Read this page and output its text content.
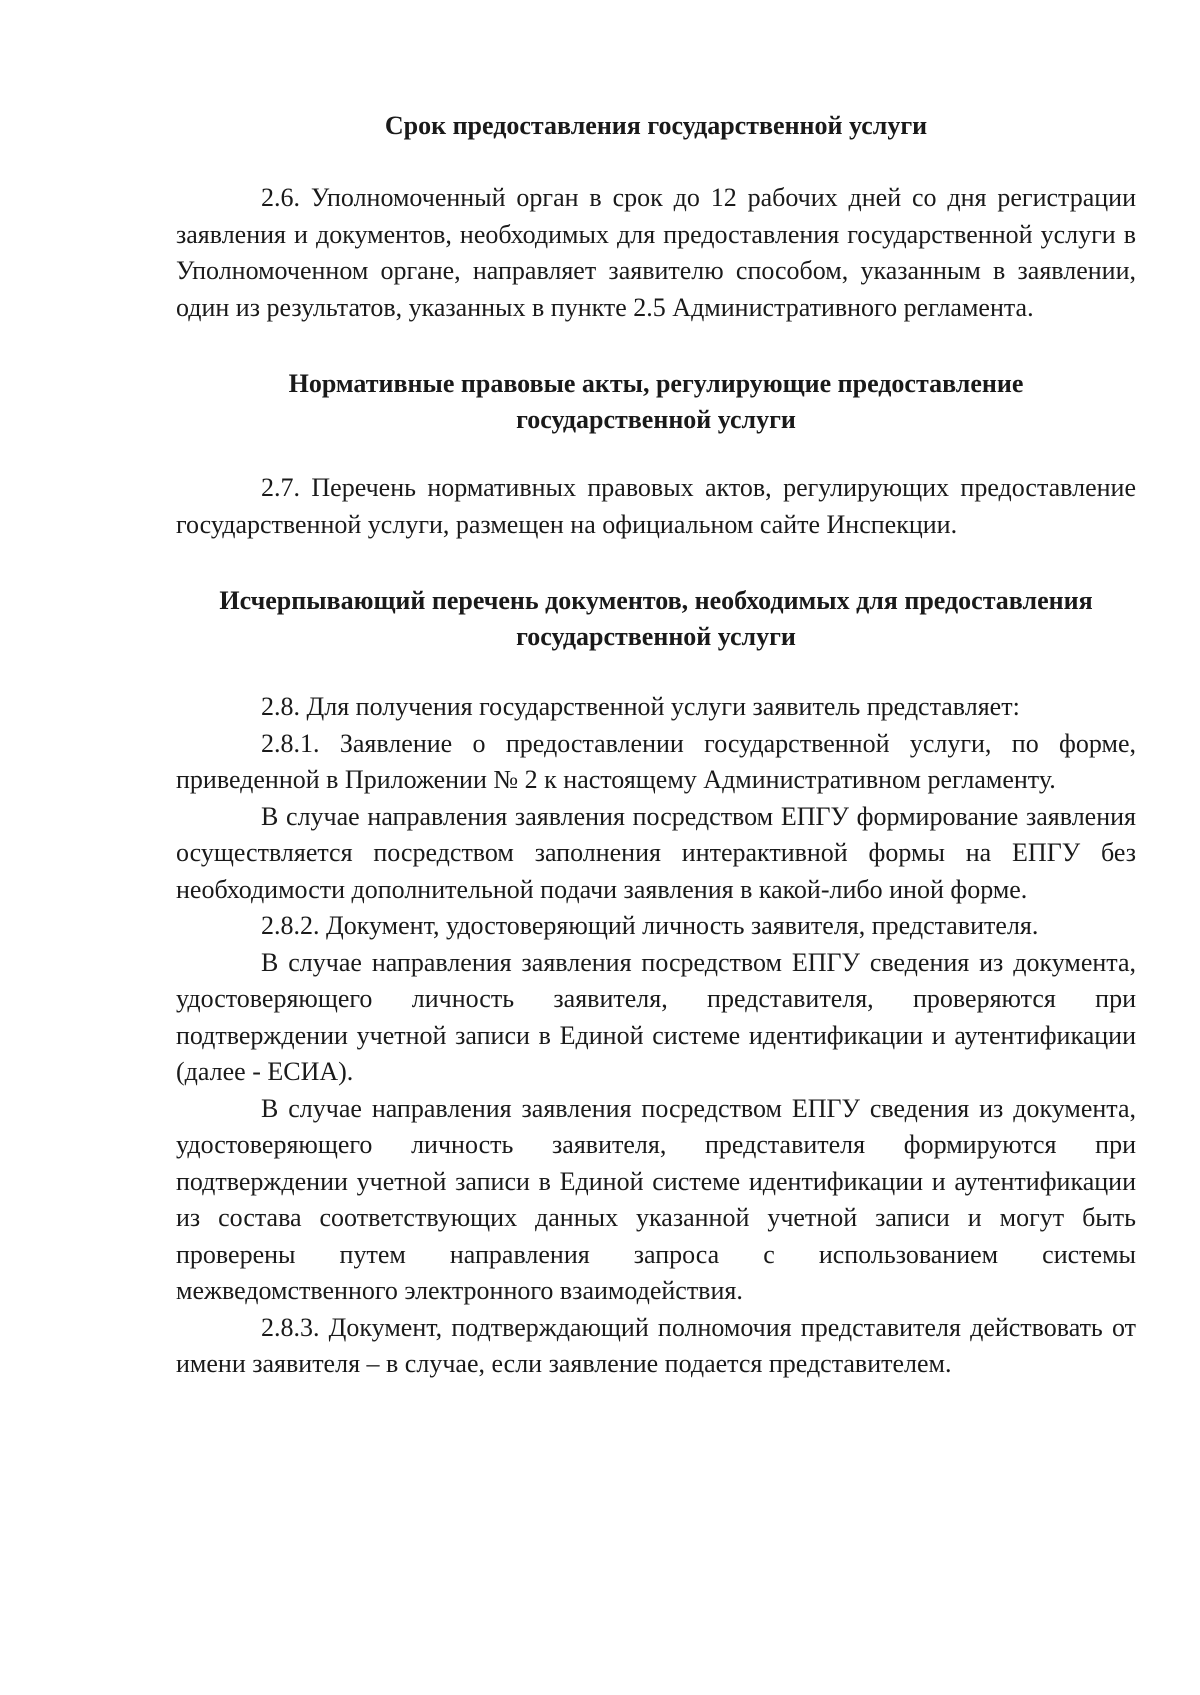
Срок предоставления государственной услуги

2.6. Уполномоченный орган в срок до 12 рабочих дней со дня регистрации заявления и документов, необходимых для предоставления государственной услуги в Уполномоченном органе, направляет заявителю способом, указанным в заявлении, один из результатов, указанных в пункте 2.5 Административного регламента.

Нормативные правовые акты, регулирующие предоставление
государственной услуги

2.7. Перечень нормативных правовых актов, регулирующих предоставление государственной услуги, размещен на официальном сайте Инспекции.

Исчерпывающий перечень документов, необходимых для предоставления
государственной услуги

2.8. Для получения государственной услуги заявитель представляет:

2.8.1. Заявление о предоставлении государственной услуги, по форме, приведенной в Приложении № 2 к настоящему Административном регламенту.

В случае направления заявления посредством ЕПГУ формирование заявления осуществляется посредством заполнения интерактивной формы на ЕПГУ без необходимости дополнительной подачи заявления в какой-либо иной форме.

2.8.2. Документ, удостоверяющий личность заявителя, представителя.

В случае направления заявления посредством ЕПГУ сведения из документа, удостоверяющего личность заявителя, представителя, проверяются при подтверждении учетной записи в Единой системе идентификации и аутентификации (далее - ЕСИА).

В случае направления заявления посредством ЕПГУ сведения из документа, удостоверяющего личность заявителя, представителя формируются при подтверждении учетной записи в Единой системе идентификации и аутентификации из состава соответствующих данных указанной учетной записи и могут быть проверены путем направления запроса с использованием системы межведомственного электронного взаимодействия.

2.8.3. Документ, подтверждающий полномочия представителя действовать от имени заявителя – в случае, если заявление подается представителем.
